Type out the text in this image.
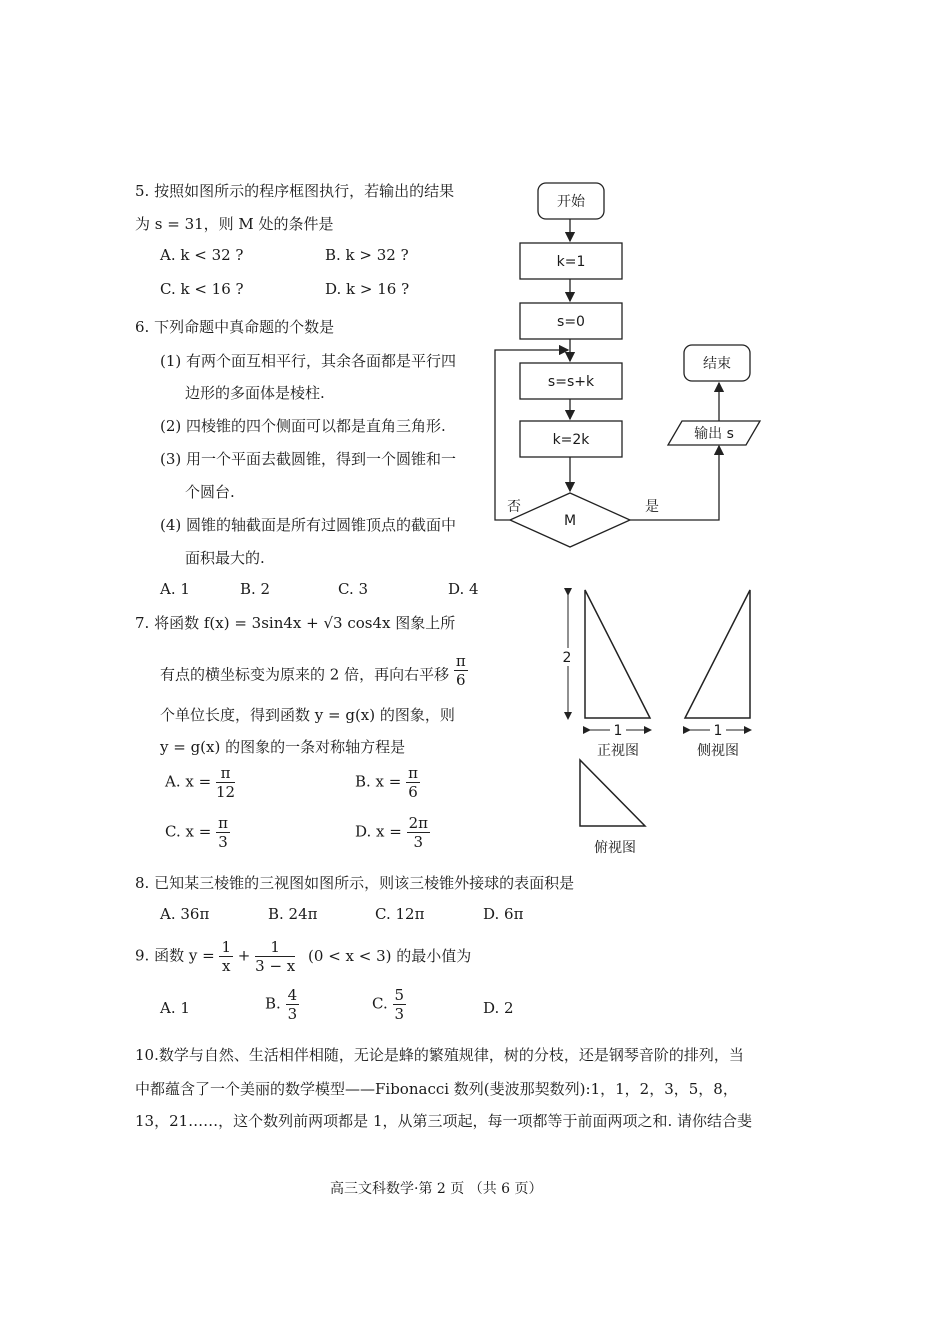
5. 按照如图所示的程序框图执行，若输出的结果
为 s = 31，则 M 处的条件是
A. k < 32 ?	B. k > 32 ?
C. k < 16 ?	D. k > 16 ?
6. 下列命题中真命题的个数是
(1) 有两个面互相平行，其余各面都是平行四
边形的多面体是棱柱.
(2) 四棱锥的四个侧面可以都是直角三角形.
(3) 用一个平面去截圆锥，得到一个圆锥和一
个圆台.
(4) 圆锥的轴截面是所有过圆锥顶点的截面中
面积最大的.
A. 1	B. 2	C. 3	D. 4
7. 将函数 f(x) = 3sin4x + √3 cos4x 图象上所
有点的横坐标变为原来的 2 倍，再向右平移 $\frac{\pi}{6}$
个单位长度，得到函数 y = g(x) 的图象，则
y = g(x) 的图象的一条对称轴方程是
A. $x = \frac{\pi}{12}$	B. $x = \frac{\pi}{6}$
C. $x = \frac{\pi}{3}$	D. $x = \frac{2\pi}{3}$
8. 已知某三棱锥的三视图如图所示，则该三棱锥外接球的表面积是
A. 36π	B. 24π	C. 12π	D. 6π
9. 函数 $y = \frac{1}{x} + \frac{1}{3 - x} (0 < x < 3)$ 的最小值为
A. 1	B. $\frac{4}{3}$	C. $\frac{5}{3}$	D. 2
10.数学与自然、生活相伴相随，无论是蜂的繁殖规律，树的分枝，还是钢琴音阶的排列，当
中都蕴含了一个美丽的数学模型——Fibonacci 数列(斐波那契数列):1，1，2，3，5，8，
13，21……，这个数列前两项都是 1，从第三项起，每一项都等于前面两项之和. 请你结合斐
高三文科数学·第 2 页 （共 6 页）
开始
k=1
s=0
s=s+k
k=2k
M
否	是
输出 s
结束
2
1	1
正视图	侧视图
俯视图
